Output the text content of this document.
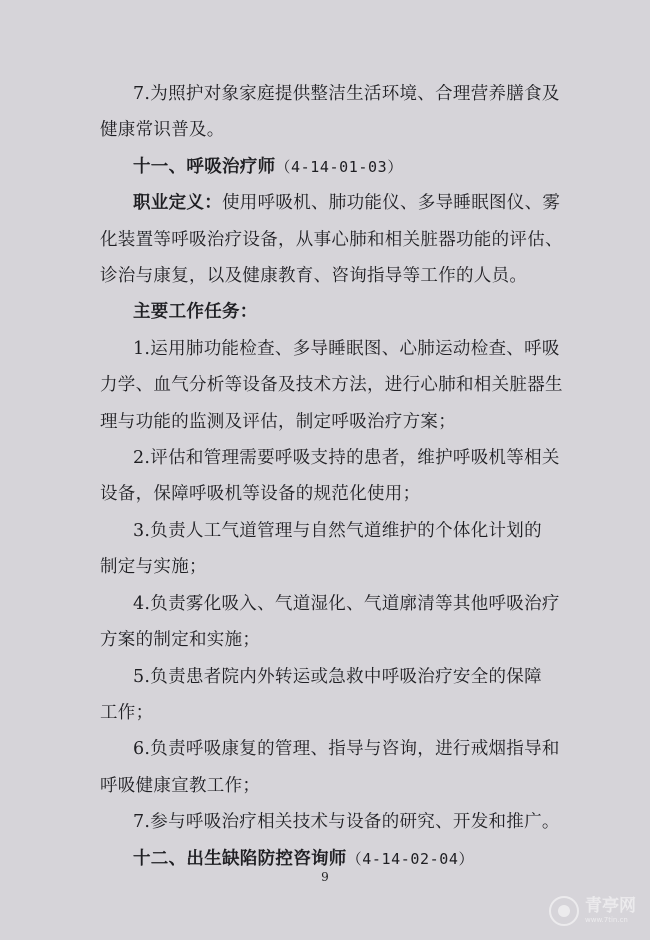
7.为照护对象家庭提供整洁生活环境、合理营养膳食及
健康常识普及。
十一、呼吸治疗师（4-14-01-03）
职业定义：使用呼吸机、肺功能仪、多导睡眠图仪、雾
化装置等呼吸治疗设备，从事心肺和相关脏器功能的评估、
诊治与康复，以及健康教育、咨询指导等工作的人员。
主要工作任务：
1.运用肺功能检查、多导睡眠图、心肺运动检查、呼吸
力学、血气分析等设备及技术方法，进行心肺和相关脏器生
理与功能的监测及评估，制定呼吸治疗方案；
2.评估和管理需要呼吸支持的患者，维护呼吸机等相关
设备，保障呼吸机等设备的规范化使用；
3.负责人工气道管理与自然气道维护的个体化计划的
制定与实施；
4.负责雾化吸入、气道湿化、气道廓清等其他呼吸治疗
方案的制定和实施；
5.负责患者院内外转运或急救中呼吸治疗安全的保障
工作；
6.负责呼吸康复的管理、指导与咨询，进行戒烟指导和
呼吸健康宣教工作；
7.参与呼吸治疗相关技术与设备的研究、开发和推广。
十二、出生缺陷防控咨询师（4-14-02-04）
9
青亭网
www.7tin.cn
